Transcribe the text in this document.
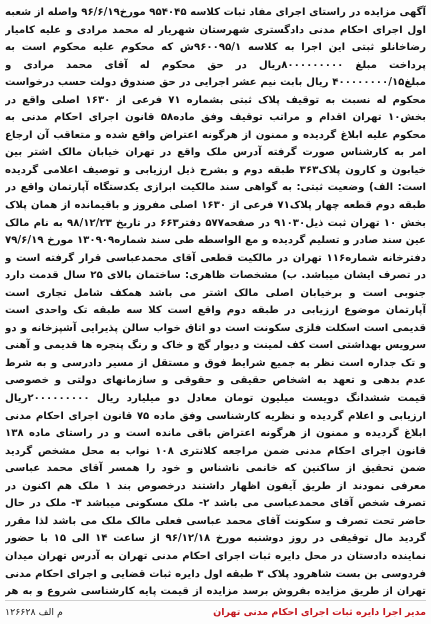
آگهی مزایده در راستای اجرای مفاد ثبات کلاسه ۹۵۴۰۴۵ مورخ۹۶/۶/۱۹ واصله از شعبه اول اجرای احکام مدنی دادگستری شهرستان شهریار له محمد مرادی و علیه کامیار رضاخانلو ثبتی این اجرا به کلاسه ۹۶۰۰۹۵/۱ش که محکوم علیه محکوم است به پرداخت مبلغ ۸۰۰۰۰۰۰۰۰۰ریال در حق محکوم له آقای محمد مرادی و مبلغ۴۰۰۰۰۰۰۰۰/۱۵ ریال بابت نیم عشر اجرایی در حق صندوق دولت حسب درخواست محکوم له نسبت به توقیف پلاک ثبتی بشماره ۷۱ فرعی از ۱۶۳۰ اصلی واقع در بخش۱۰ تهران اقدام و مراتب توقیف وفق ماده۵۸ قانون اجرای احکام مدنی به محکوم علیه ابلاغ گردیده و ممنون از هرگونه اعتراض واقع شده و متعاقب آن ارجاع امر به کارشناس صورت گرفته آدرس ملک واقع در تهران خیابان مالک اشتر بین خیابون و کارون پلاک۳۶۳ طبقه دوم و بشرح ذیل ارزیابی و توصیف اعلامی گردیده است: الف) وضعیت ثبتی: به گواهی سند مالکیت ابرازی یکدستگاه آپارتمان واقع در طبقه دوم قطعه چهار پلاک۷۱ فرعی از ۱۶۳۰ اصلی مفروز و باقیمانده از همان پلاک بخش ۱۰ تهران ثبت ذیل۹۱۰۳۰ در صفحه۵۷۷ دفتر۶۶۳ در تاریخ ۹۸/۱۲/۲۳ به نام مالک عین سند صادر و تسلیم گردیده و مع الواسطه طی سند شماره۱۳۰۹۰۹ مورخ ۷۹/۶/۱۹ دفترخانه شماره۱۱۶ تهران در مالکیت قطعی آقای محمدعباسی قرار گرفته است و در تصرف ایشان میباشد. ب) مشخصات ظاهری: ساختمان بالای ۲۵ سال قدمت دارد جنوبی است و برخیابان اصلی مالک اشتر می باشد همکف شامل تجاری است آپارتمان موضوع ارزیابی در طبقه دوم واقع است کلا سه طبقه تک واحدی است قدیمی است اسکلت فلزی سکونت است دو اتاق خواب سالن پذیرایی آشپزخانه و دو سرویس بهداشتی است کف لمینت و دیوار گچ و خاک و رنگ پنجره ها قدیمی و آهنی و تک جداره است نظر به جمیع شرایط فوق و مستقل از مسیر دادرسی و به شرط عدم بدهی و تعهد به اشخاص حقیقی و حقوقی و سازمانهای دولتی و خصوصی قیمت ششدانگ دویست میلیون تومان معادل دو میلیارد ریال ۲۰۰۰۰۰۰۰۰۰ریال ارزیابی و اعلام گردیده و نظریه کارشناسی وفق ماده ۷۵ قانون اجرای احکام مدنی ابلاغ گردیده و ممنون از هرگونه اعتراض باقی مانده است و در راستای ماده ۱۳۸ قانون اجرای احکام مدنی ضمن مراجعه کلانتری ۱۰۸ نواب به محل مشخص گردید ضمن تحقیق از ساکنین که خانمی ناشناس و خود را همسر آقای محمد عباسی معرفی نمودند از طریق آیفون اظهار داشتند درخصوص بند ۱ ملک هم اکنون در تصرف شخص آقای محمدعباسی می باشد ۲- ملک مسکونی میباشد ۳- ملک در حال حاضر تحت تصرف و سکونت آقای محمد عباسی فعلی مالک ملک می باشد لذا مقرر گردید مال توقیفی در روز دوشنبه مورخ ۹۶/۱۲/۱۸ از ساعت ۱۴ الی ۱۵ با حضور نماینده دادستان در محل دایره ثبات اجرای احکام مدنی تهران به آدرس تهران میدان فردوسی بن بست شاهرود پلاک ۳ طبقه اول دایره ثبات قضایی و اجرای احکام مدنی تهران از طریق مزایده بفروش برسد مزایده از قیمت پایه کارشناسی شروع و به هر

مدیر اجرا دایره ثبات اجرای احکام مدنی تهران
م الف ۱۲۶۶۲۸
